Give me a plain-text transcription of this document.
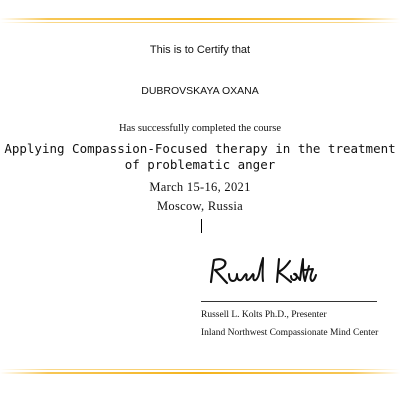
This is to Certify that
DUBROVSKAYA OXANA
Has successfully completed the course
Applying Compassion-Focused therapy in the treatment of problematic anger
March 15-16, 2021
Moscow, Russia
Russell L. Kolts Ph.D., Presenter
Inland Northwest Compassionate Mind Center
